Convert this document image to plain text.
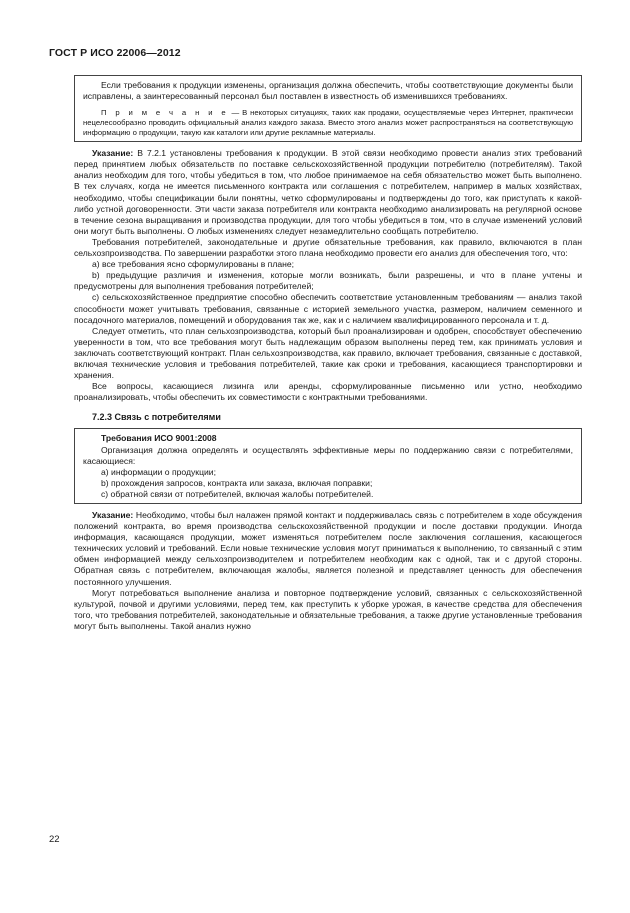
ГОСТ Р ИСО 22006—2012

Если требования к продукции изменены, организация должна обеспечить, чтобы соответствующие документы были исправлены, а заинтересованный персонал был поставлен в известность об изменившихся требованиях.

П р и м е ч а н и е — В некоторых ситуациях, таких как продажи, осуществляемые через Интернет, практически нецелесообразно проводить официальный анализ каждого заказа. Вместо этого анализ может распространяться на соответствующую информацию о продукции, такую как каталоги или другие рекламные материалы.

Указание: В 7.2.1 установлены требования к продукции. В этой связи необходимо провести анализ этих требований перед принятием любых обязательств по поставке сельскохозяйственной продукции потребителю (потребителям). Такой анализ необходим для того, чтобы убедиться в том, что любое принимаемое на себя обязательство может быть выполнено. В тех случаях, когда не имеется письменного контракта или соглашения с потребителем, например в малых хозяйствах, необходимо, чтобы спецификации были понятны, четко сформулированы и подтверждены до того, как приступать к какой- либо устной договоренности. Эти части заказа потребителя или контракта необходимо анализировать на регулярной основе в течение сезона выращивания и производства продукции, для того чтобы убедиться в том, что в случае изменений условий они могут быть выполнены. О любых изменениях следует незамедлительно сообщать потребителю.

Требования потребителей, законодательные и другие обязательные требования, как правило, включаются в план сельхозпроизводства. По завершении разработки этого плана необходимо провести его анализ для обеспечения того, что:

а) все требования ясно сформулированы в плане;

b) предыдущие различия и изменения, которые могли возникать, были разрешены, и что в плане учтены и предусмотрены для выполнения требования потребителей;

c) сельскохозяйственное предприятие способно обеспечить соответствие установленным требованиям — анализ такой способности может учитывать требования, связанные с историей земельного участка, размером, наличием семенного и посадочного материалов, помещений и оборудования так же, как и с наличием квалифицированного персонала и т. д.

Следует отметить, что план сельхозпроизводства, который был проанализирован и одобрен, способствует обеспечению уверенности в том, что все требования могут быть надлежащим образом выполнены перед тем, как принимать условия и заключать соответствующий контракт. План сельхозпроизводства, как правило, включает требования, связанные с доставкой, включая технические условия и требования потребителей, такие как сроки и требования, касающиеся транспортировки и хранения.

Все вопросы, касающиеся лизинга или аренды, сформулированные письменно или устно, необходимо проанализировать, чтобы обеспечить их совместимости с контрактными требованиями.

7.2.3 Связь с потребителями

Требования ИСО 9001:2008

Организация должна определять и осуществлять эффективные меры по поддержанию связи с потребителями, касающиеся:

а) информации о продукции;

b) прохождения запросов, контракта или заказа, включая поправки;

с) обратной связи от потребителей, включая жалобы потребителей.

Указание: Необходимо, чтобы был налажен прямой контакт и поддерживалась связь с потребителем в ходе обсуждения положений контракта, во время производства сельскохозяйственной продукции и после доставки продукции. Иногда информация, касающаяся продукции, может изменяться потребителем после заключения соглашения, касающегося технических условий и требований. Если новые технические условия могут приниматься к выполнению, то связанный с этим обмен информацией между сельхозпроизводителем и потребителем необходим как с одной, так и с другой стороны. Обратная связь с потребителем, включающая жалобы, является полезной и представляет ценность для обеспечения постоянного улучшения.

Могут потребоваться выполнение анализа и повторное подтверждение условий, связанных с сельскохозяйственной культурой, почвой и другими условиями, перед тем, как преступить к уборке урожая, в качестве средства для обеспечения того, что требования потребителей, законодательные и обязательные требования, а также другие установленные требования могут быть выполнены. Такой анализ нужно

22
